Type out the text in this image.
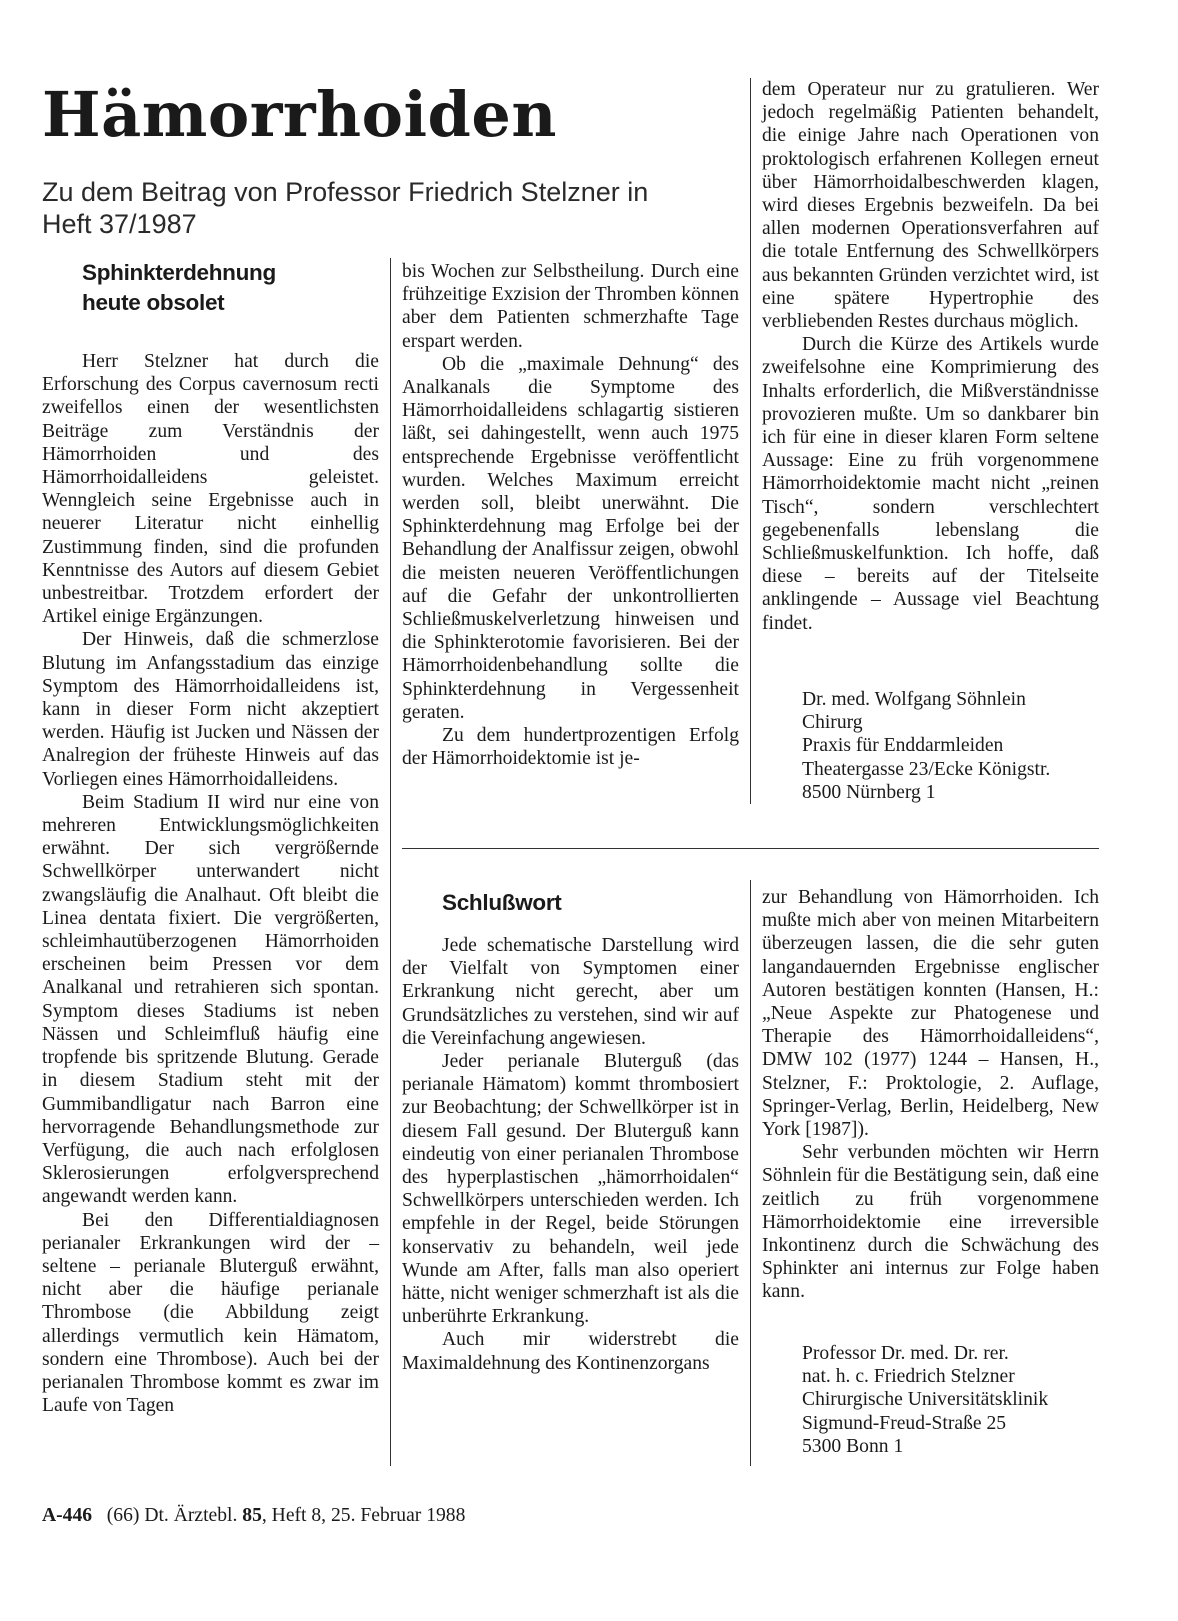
Hämorrhoiden
Zu dem Beitrag von Professor Friedrich Stelzner in Heft 37/1987
Sphinkterdehnung heute obsolet

Herr Stelzner hat durch die Erforschung des Corpus cavernosum recti zweifellos einen der wesentlichsten Beiträge zum Verständnis der Hämorrhoiden und des Hämorrhoidalleidens geleistet. Wenngleich seine Ergebnisse auch in neuerer Literatur nicht einhellig Zustimmung finden, sind die profunden Kenntnisse des Autors auf diesem Gebiet unbestreitbar. Trotzdem erfordert der Artikel einige Ergänzungen.

Der Hinweis, daß die schmerzlose Blutung im Anfangsstadium das einzige Symptom des Hämorrhoidalleidens ist, kann in dieser Form nicht akzeptiert werden. Häufig ist Jucken und Nässen der Analregion der früheste Hinweis auf das Vorliegen eines Hämorrhoidalleidens.

Beim Stadium II wird nur eine von mehreren Entwicklungsmöglichkeiten erwähnt. Der sich vergrößernde Schwellkörper unterwandert nicht zwangsläufig die Analhaut. Oft bleibt die Linea dentata fixiert. Die vergrößerten, schleimhautüberzogenen Hämorrhoiden erscheinen beim Pressen vor dem Analkanal und retrahieren sich spontan. Symptom dieses Stadiums ist neben Nässen und Schleimfluß häufig eine tropfende bis spritzende Blutung. Gerade in diesem Stadium steht mit der Gummibandligatur nach Barron eine hervorragende Behandlungsmethode zur Verfügung, die auch nach erfolglosen Sklerosierungen erfolgversprechend angewandt werden kann.

Bei den Differentialdiagnosen perianaler Erkrankungen wird der – seltene – perianale Bluterguß erwähnt, nicht aber die häufige perianale Thrombose (die Abbildung zeigt allerdings vermutlich kein Hämatom, sondern eine Thrombose). Auch bei der perianalen Thrombose kommt es zwar im Laufe von Tagen

bis Wochen zur Selbstheilung. Durch eine frühzeitige Exzision der Thromben können aber dem Patienten schmerzhafte Tage erspart werden.

Ob die „maximale Dehnung“ des Analkanals die Symptome des Hämorrhoidalleidens schlagartig sistieren läßt, sei dahingestellt, wenn auch 1975 entsprechende Ergebnisse veröffentlicht wurden. Welches Maximum erreicht werden soll, bleibt unerwähnt. Die Sphinkterdehnung mag Erfolge bei der Behandlung der Analfissur zeigen, obwohl die meisten neueren Veröffentlichungen auf die Gefahr der unkontrollierten Schließmuskelverletzung hinweisen und die Sphinkterotomie favorisieren. Bei der Hämorrhoidenbehandlung sollte die Sphinkterdehnung in Vergessenheit geraten.

Zu dem hundertprozentigen Erfolg der Hämorrhoidektomie ist je-

dem Operateur nur zu gratulieren. Wer jedoch regelmäßig Patienten behandelt, die einige Jahre nach Operationen von proktologisch erfahrenen Kollegen erneut über Hämorrhoidalbeschwerden klagen, wird dieses Ergebnis bezweifeln. Da bei allen modernen Operationsverfahren auf die totale Entfernung des Schwellkörpers aus bekannten Gründen verzichtet wird, ist eine spätere Hypertrophie des verbliebenden Restes durchaus möglich.

Durch die Kürze des Artikels wurde zweifelsohne eine Komprimierung des Inhalts erforderlich, die Mißverständnisse provozieren mußte. Um so dankbarer bin ich für eine in dieser klaren Form seltene Aussage: Eine zu früh vorgenommene Hämorrhoidektomie macht nicht „reinen Tisch“, sondern verschlechtert gegebenenfalls lebenslang die Schließmuskelfunktion. Ich hoffe, daß diese – bereits auf der Titelseite anklingende – Aussage viel Beachtung findet.

Dr. med. Wolfgang Söhnlein
Chirurg
Praxis für Enddarmleiden
Theatergasse 23/Ecke Königstr.
8500 Nürnberg 1
Schlußwort

Jede schematische Darstellung wird der Vielfalt von Symptomen einer Erkrankung nicht gerecht, aber um Grundsätzliches zu verstehen, sind wir auf die Vereinfachung angewiesen.

Jeder perianale Bluterguß (das perianale Hämatom) kommt thrombosiert zur Beobachtung; der Schwellkörper ist in diesem Fall gesund. Der Bluterguß kann eindeutig von einer perianalen Thrombose des hyperplastischen „hämorrhoidalen“ Schwellkörpers unterschieden werden. Ich empfehle in der Regel, beide Störungen konservativ zu behandeln, weil jede Wunde am After, falls man also operiert hätte, nicht weniger schmerzhaft ist als die unberührte Erkrankung.

Auch mir widerstrebt die Maximaldehnung des Kontinenzorgans

zur Behandlung von Hämorrhoiden. Ich mußte mich aber von meinen Mitarbeitern überzeugen lassen, die die sehr guten langandauernden Ergebnisse englischer Autoren bestätigen konnten (Hansen, H.: „Neue Aspekte zur Phatogenese und Therapie des Hämorrhoidalleidens“, DMW 102 (1977) 1244 – Hansen, H., Stelzner, F.: Proktologie, 2. Auflage, Springer-Verlag, Berlin, Heidelberg, New York [1987]).

Sehr verbunden möchten wir Herrn Söhnlein für die Bestätigung sein, daß eine zeitlich zu früh vorgenommene Hämorrhoidektomie eine irreversible Inkontinenz durch die Schwächung des Sphinkter ani internus zur Folge haben kann.

Professor Dr. med. Dr. rer.
nat. h. c. Friedrich Stelzner
Chirurgische Universitätsklinik
Sigmund-Freud-Straße 25
5300 Bonn 1
A-446 (66) Dt. Ärztebl. 85, Heft 8, 25. Februar 1988
